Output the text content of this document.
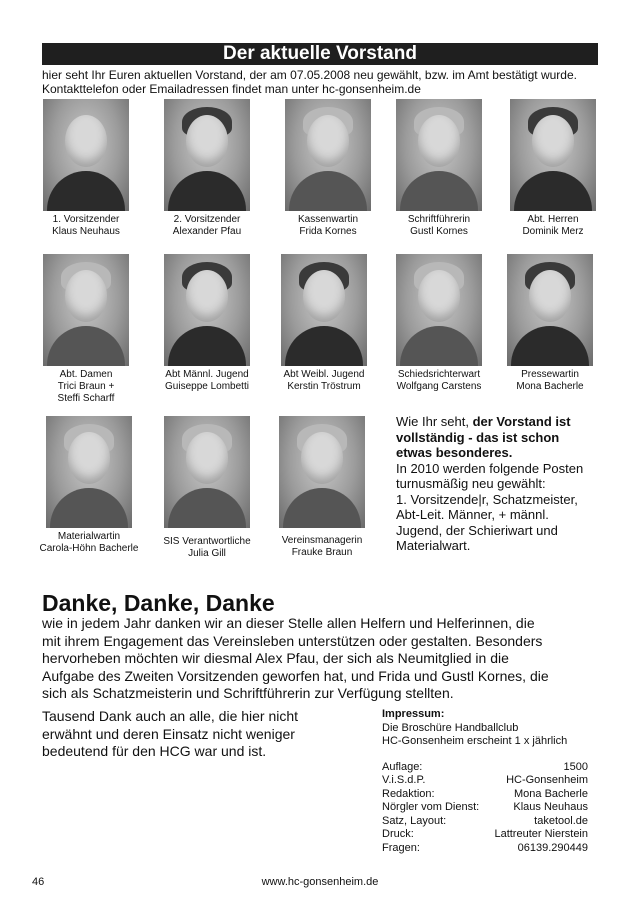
Der aktuelle Vorstand
hier seht Ihr Euren aktuellen Vorstand, der am 07.05.2008 neu gewählt, bzw. im Amt bestätigt wurde.
Kontakttelefon oder Emailadressen findet man unter hc-gonsenheim.de
1. Vorsitzender
Klaus Neuhaus
2. Vorsitzender
Alexander Pfau
Kassenwartin
Frida Kornes
Schriftführerin
Gustl Kornes
Abt. Herren
Dominik Merz
Abt. Damen
Trici Braun +
Steffi Scharff
Abt Männl. Jugend
Guiseppe Lombetti
Abt Weibl. Jugend
Kerstin Tröstrum
Schiedsrichterwart
Wolfgang Carstens
Pressewartin
Mona Bacherle
Materialwartin
Carola-Höhn Bacherle
SIS Verantwortliche
Julia Gill
Vereinsmanagerin
Frauke Braun
Wie Ihr seht, der Vorstand ist
vollständig - das ist schon
etwas besonderes.
In 2010 werden folgende Posten
turnusmäßig neu gewählt:
1. Vorsitzende|r, Schatzmeister,
Abt-Leit. Männer, + männl.
Jugend, der Schieriwart und
Materialwart.
Danke, Danke, Danke
wie in jedem Jahr danken wir an dieser Stelle allen Helfern und Helferinnen, die
mit ihrem Engagement das Vereinsleben unterstützen oder gestalten. Besonders
hervorheben möchten wir diesmal Alex Pfau, der sich als Neumitglied in die
Aufgabe des Zweiten Vorsitzenden geworfen hat, und Frida und Gustl Kornes, die
sich als Schatzmeisterin und Schriftführerin zur Verfügung stellten.
Tausend Dank auch an alle, die hier nicht
erwähnt und deren Einsatz nicht weniger
bedeutend für den HCG war und ist.
Impressum:
Die Broschüre Handballclub
HC-Gonsenheim erscheint 1 x jährlich
Auflage:	1500
V.i.S.d.P.	HC-Gonsenheim
Redaktion:	Mona Bacherle
Nörgler vom Dienst:	Klaus Neuhaus
Satz, Layout:	taketool.de
Druck:	Lattreuter Nierstein
Fragen:	06139.290449
46	www.hc-gonsenheim.de
